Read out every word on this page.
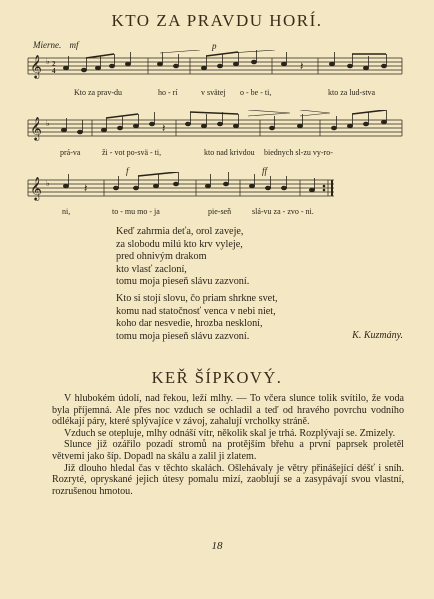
KTO ZA PRAVDU HORÍ.
Mierne. mf	p
𝄞 ♭ 2
4	𝄽
Kto za prav-du	ho - rí	v svätej o - be - ti,	kto za lud-stva
𝄞 ♭	𝄽
prá-va	ži - vot po-svä - ti,	kto nad krivdou biednych sl-zu vy-ro-
f	ff
𝄞 ♭	𝄽
ni,	to - mu mo - ja	pie-seň	slá-vu za - zvo - ni.
Keď zahrmia deťa, orol zaveje,
za slobodu milú kto krv vyleje,
pred ohnivým drakom
kto vlasť zacloní,
tomu moja pieseň slávu zazvoní.
Kto si stojí slovu, čo priam shrkne svet,
komu nad statočnosť venca v nebi niet,
koho dar nesvedie, hrozba neskloní,
tomu moja pieseň slávu zazvoní.	K. Kuzmány.
KEŘ ŠÍPKOVÝ.

V hlubokém údolí, nad řekou, leží mlhy. — To včera slunce tolik svítilo, že voda byla příjemná. Ale přes noc vzduch se ochladil a teď od hravého povrchu vodního odlékají páry, které splývajíce v závoj, zahalují vrcholky stráně.

Vzduch se otepluje, mlhy odnáší vítr, několik skal je trhá. Rozplývají se. Zmizely.

Slunce již ozářilo pozadí stromů na protějším břehu a první paprsek proletěl větvemi jako šíp. Dopadl na skálu a zalil ji zlatem.

Již dlouho hledal čas v těchto skalách. Ošlehávaly je větry přinášející déšť i sníh. Rozryté, opryskané jejich útesy pomalu mizí, zaoblují se a zasypávají svou vlastní, rozrušenou hmotou.

18
